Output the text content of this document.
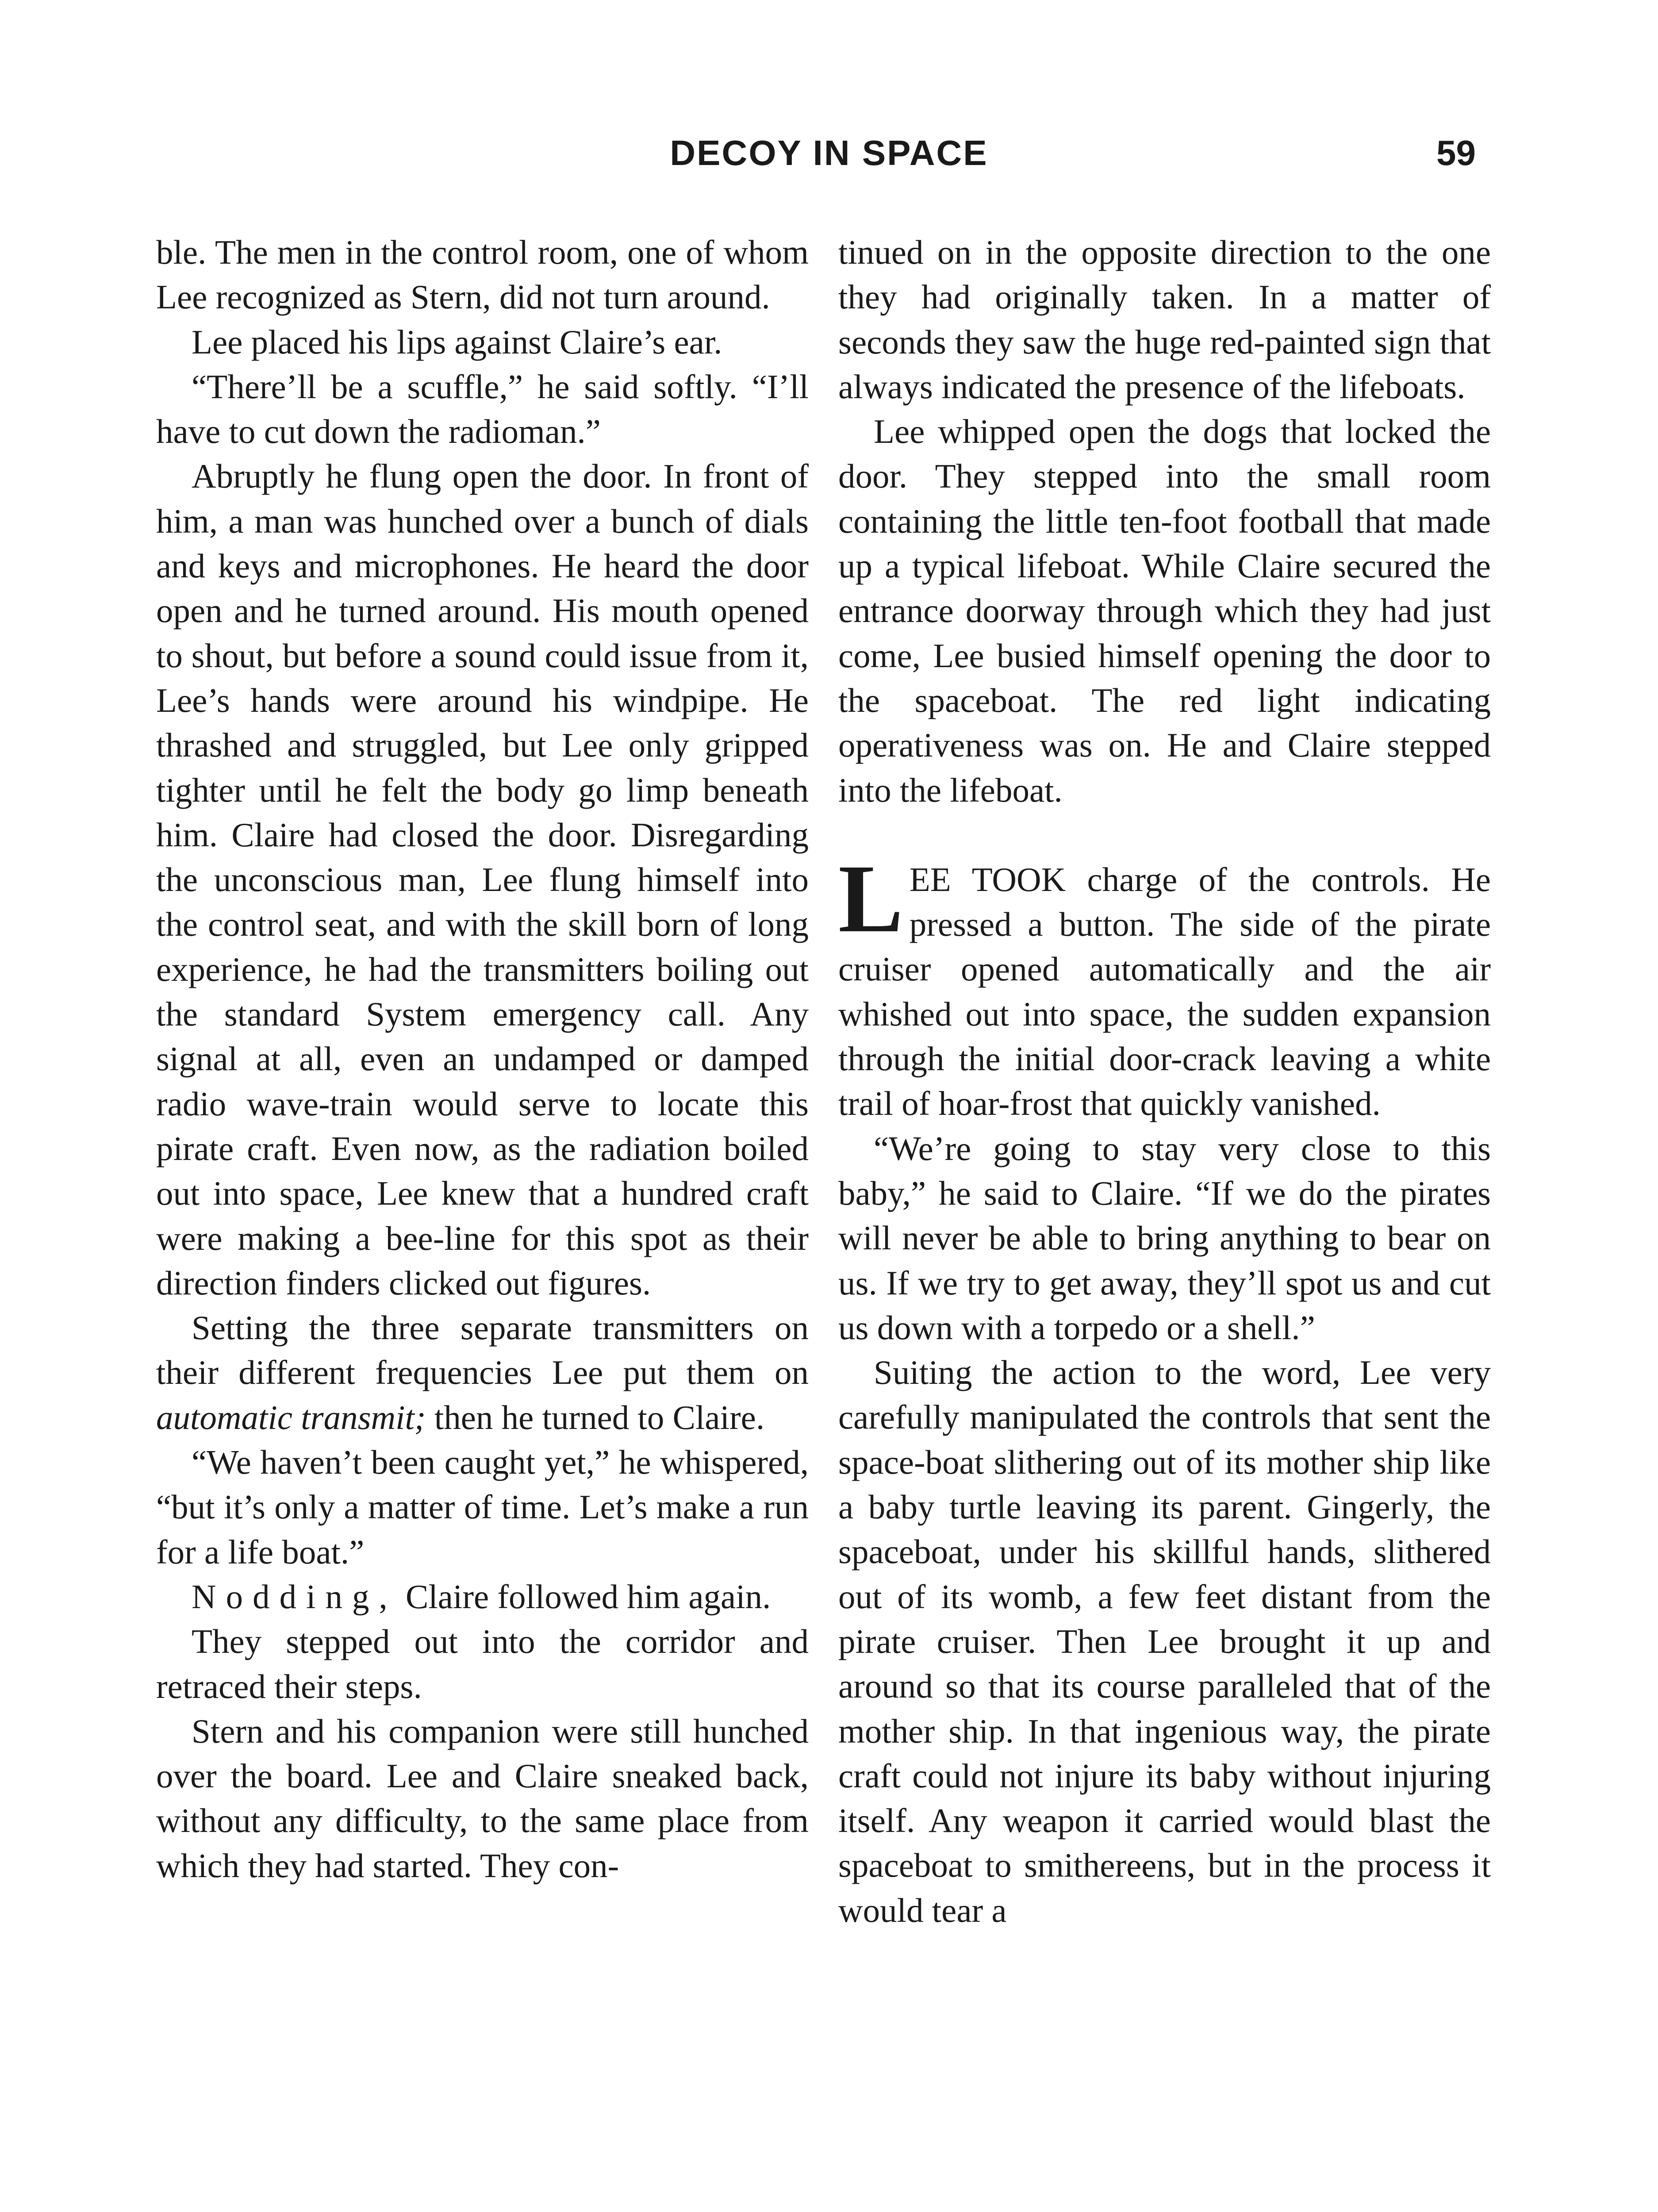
DECOY IN SPACE	59

ble. The men in the control room, one of whom Lee recognized as Stern, did not turn around.

Lee placed his lips against Claire’s ear.

“There’ll be a scuffle,” he said softly. “I’ll have to cut down the radioman.”

Abruptly he flung open the door. In front of him, a man was hunched over a bunch of dials and keys and microphones. He heard the door open and he turned around. His mouth opened to shout, but before a sound could issue from it, Lee’s hands were around his windpipe. He thrashed and struggled, but Lee only gripped tighter until he felt the body go limp beneath him. Claire had closed the door. Disregarding the unconscious man, Lee flung himself into the control seat, and with the skill born of long experience, he had the transmitters boiling out the standard System emergency call. Any signal at all, even an undamped or damped radio wave-train would serve to locate this pirate craft. Even now, as the radiation boiled out into space, Lee knew that a hundred craft were making a bee-line for this spot as their direction finders clicked out figures.

Setting the three separate transmitters on their different frequencies Lee put them on automatic transmit; then he turned to Claire.

“We haven’t been caught yet,” he whispered, “but it’s only a matter of time. Let’s make a run for a life boat.”

Nodding, Claire followed him again.

They stepped out into the corridor and retraced their steps.

Stern and his companion were still hunched over the board. Lee and Claire sneaked back, without any difficulty, to the same place from which they had started. They con-

tinued on in the opposite direction to the one they had originally taken. In a matter of seconds they saw the huge red-painted sign that always indicated the presence of the lifeboats.

Lee whipped open the dogs that locked the door. They stepped into the small room containing the little ten-foot football that made up a typical lifeboat. While Claire secured the entrance doorway through which they had just come, Lee busied himself opening the door to the spaceboat. The red light indicating operativeness was on. He and Claire stepped into the lifeboat.

LEE TOOK charge of the controls. He pressed a button. The side of the pirate cruiser opened automatically and the air whished out into space, the sudden expansion through the initial door-crack leaving a white trail of hoar-frost that quickly vanished.

“We’re going to stay very close to this baby,” he said to Claire. “If we do the pirates will never be able to bring anything to bear on us. If we try to get away, they’ll spot us and cut us down with a torpedo or a shell.”

Suiting the action to the word, Lee very carefully manipulated the controls that sent the space-boat slithering out of its mother ship like a baby turtle leaving its parent. Gingerly, the spaceboat, under his skillful hands, slithered out of its womb, a few feet distant from the pirate cruiser. Then Lee brought it up and around so that its course paralleled that of the mother ship. In that ingenious way, the pirate craft could not injure its baby without injuring itself. Any weapon it carried would blast the spaceboat to smithereens, but in the process it would tear a
